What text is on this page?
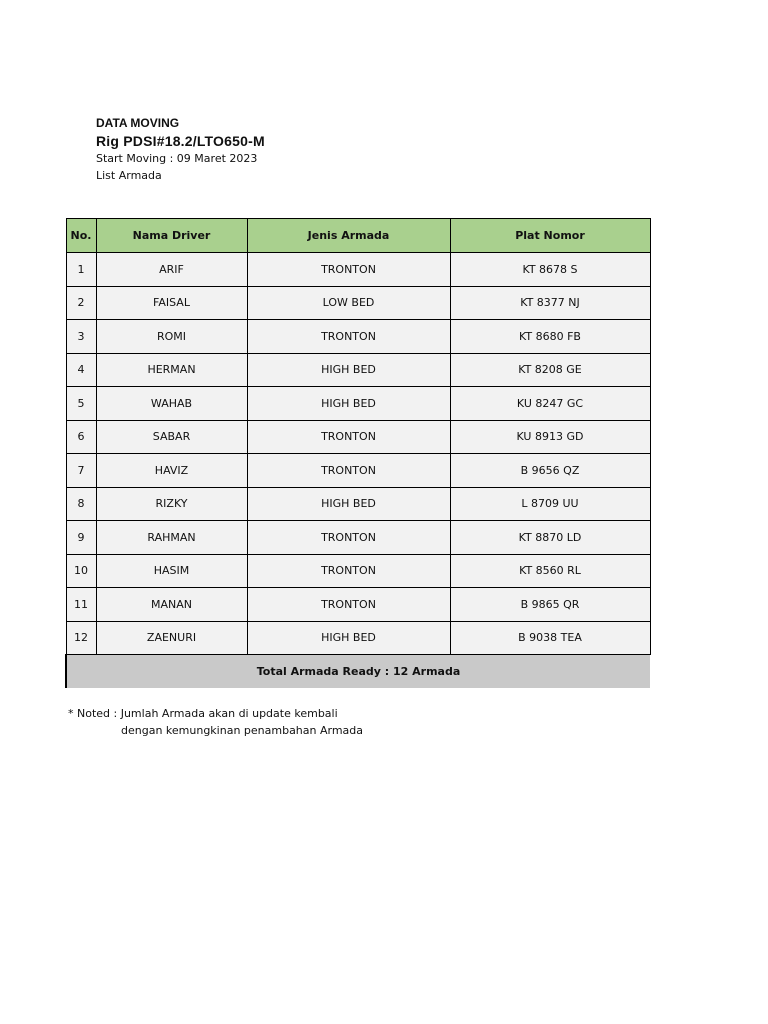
DATA MOVING
Rig PDSI#18.2/LTO650-M
Start Moving : 09 Maret 2023
List Armada
No.	Nama Driver	Jenis Armada	Plat Nomor
1	ARIF	TRONTON	KT 8678 S
2	FAISAL	LOW BED	KT 8377 NJ
3	ROMI	TRONTON	KT 8680 FB
4	HERMAN	HIGH BED	KT 8208 GE
5	WAHAB	HIGH BED	KU 8247 GC
6	SABAR	TRONTON	KU 8913 GD
7	HAVIZ	TRONTON	B 9656 QZ
8	RIZKY	HIGH BED	L 8709 UU
9	RAHMAN	TRONTON	KT 8870 LD
10	HASIM	TRONTON	KT 8560 RL
11	MANAN	TRONTON	B 9865 QR
12	ZAENURI	HIGH BED	B 9038 TEA
Total Armada Ready : 12 Armada			
* Noted : Jumlah Armada akan di update kembali
dengan kemungkinan penambahan Armada
